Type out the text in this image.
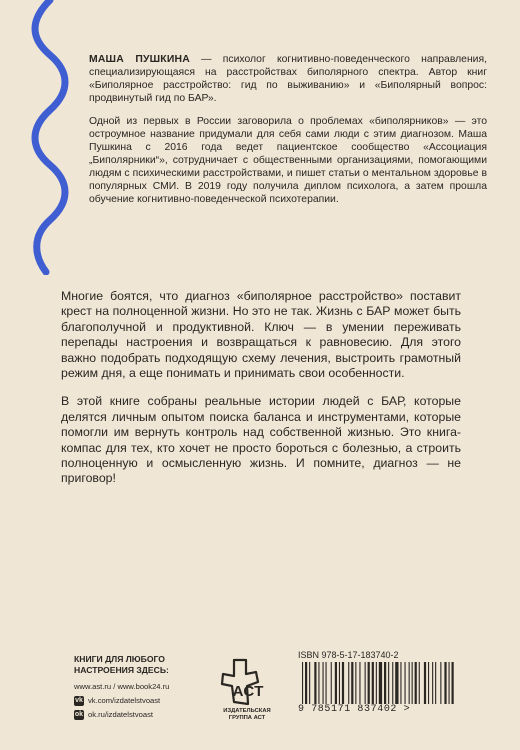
МАША ПУШКИНА — психолог когнитивно-поведенческого направления, специализирующаяся на расстройствах биполярного спектра. Автор книг «Биполярное расстройство: гид по выживанию» и «Биполярный вопрос: продвинутый гид по БАР».

Одной из первых в России заговорила о проблемах «биполярников» — это остроумное название придумали для себя сами люди с этим диагнозом. Маша Пушкина с 2016 года ведет пациентское сообщество «Ассоциация „Биполярники“», сотрудничает с общественными организациями, помогающими людям с психическими расстройствами, и пишет статьи о ментальном здоровье в популярных СМИ. В 2019 году получила диплом психолога, а затем прошла обучение когнитивно-поведенческой психотерапии.

Многие боятся, что диагноз «биполярное расстройство» поставит крест на полноценной жизни. Но это не так. Жизнь с БАР может быть благополучной и продуктивной. Ключ — в умении переживать перепады настроения и возвращаться к равновесию. Для этого важно подобрать подходящую схему лечения, выстроить грамотный режим дня, а еще понимать и принимать свои особенности.

В этой книге собраны реальные истории людей с БАР, которые делятся личным опытом поиска баланса и инструментами, которые помогли им вернуть контроль над собственной жизнью. Это книга-компас для тех, кто хочет не просто бороться с болезнью, а строить полноценную и осмысленную жизнь. И помните, диагноз — не приговор!

КНИГИ ДЛЯ ЛЮБОГО НАСТРОЕНИЯ ЗДЕСЬ:
www.ast.ru / www.book24.ru
vk vk.com/izdatelstvoast
ok ok.ru/izdatelstvoast
ACT
ИЗДАТЕЛЬСКАЯ
ГРУППА АСТ
ISBN 978-5-17-183740-2
9 785171 837402 >
